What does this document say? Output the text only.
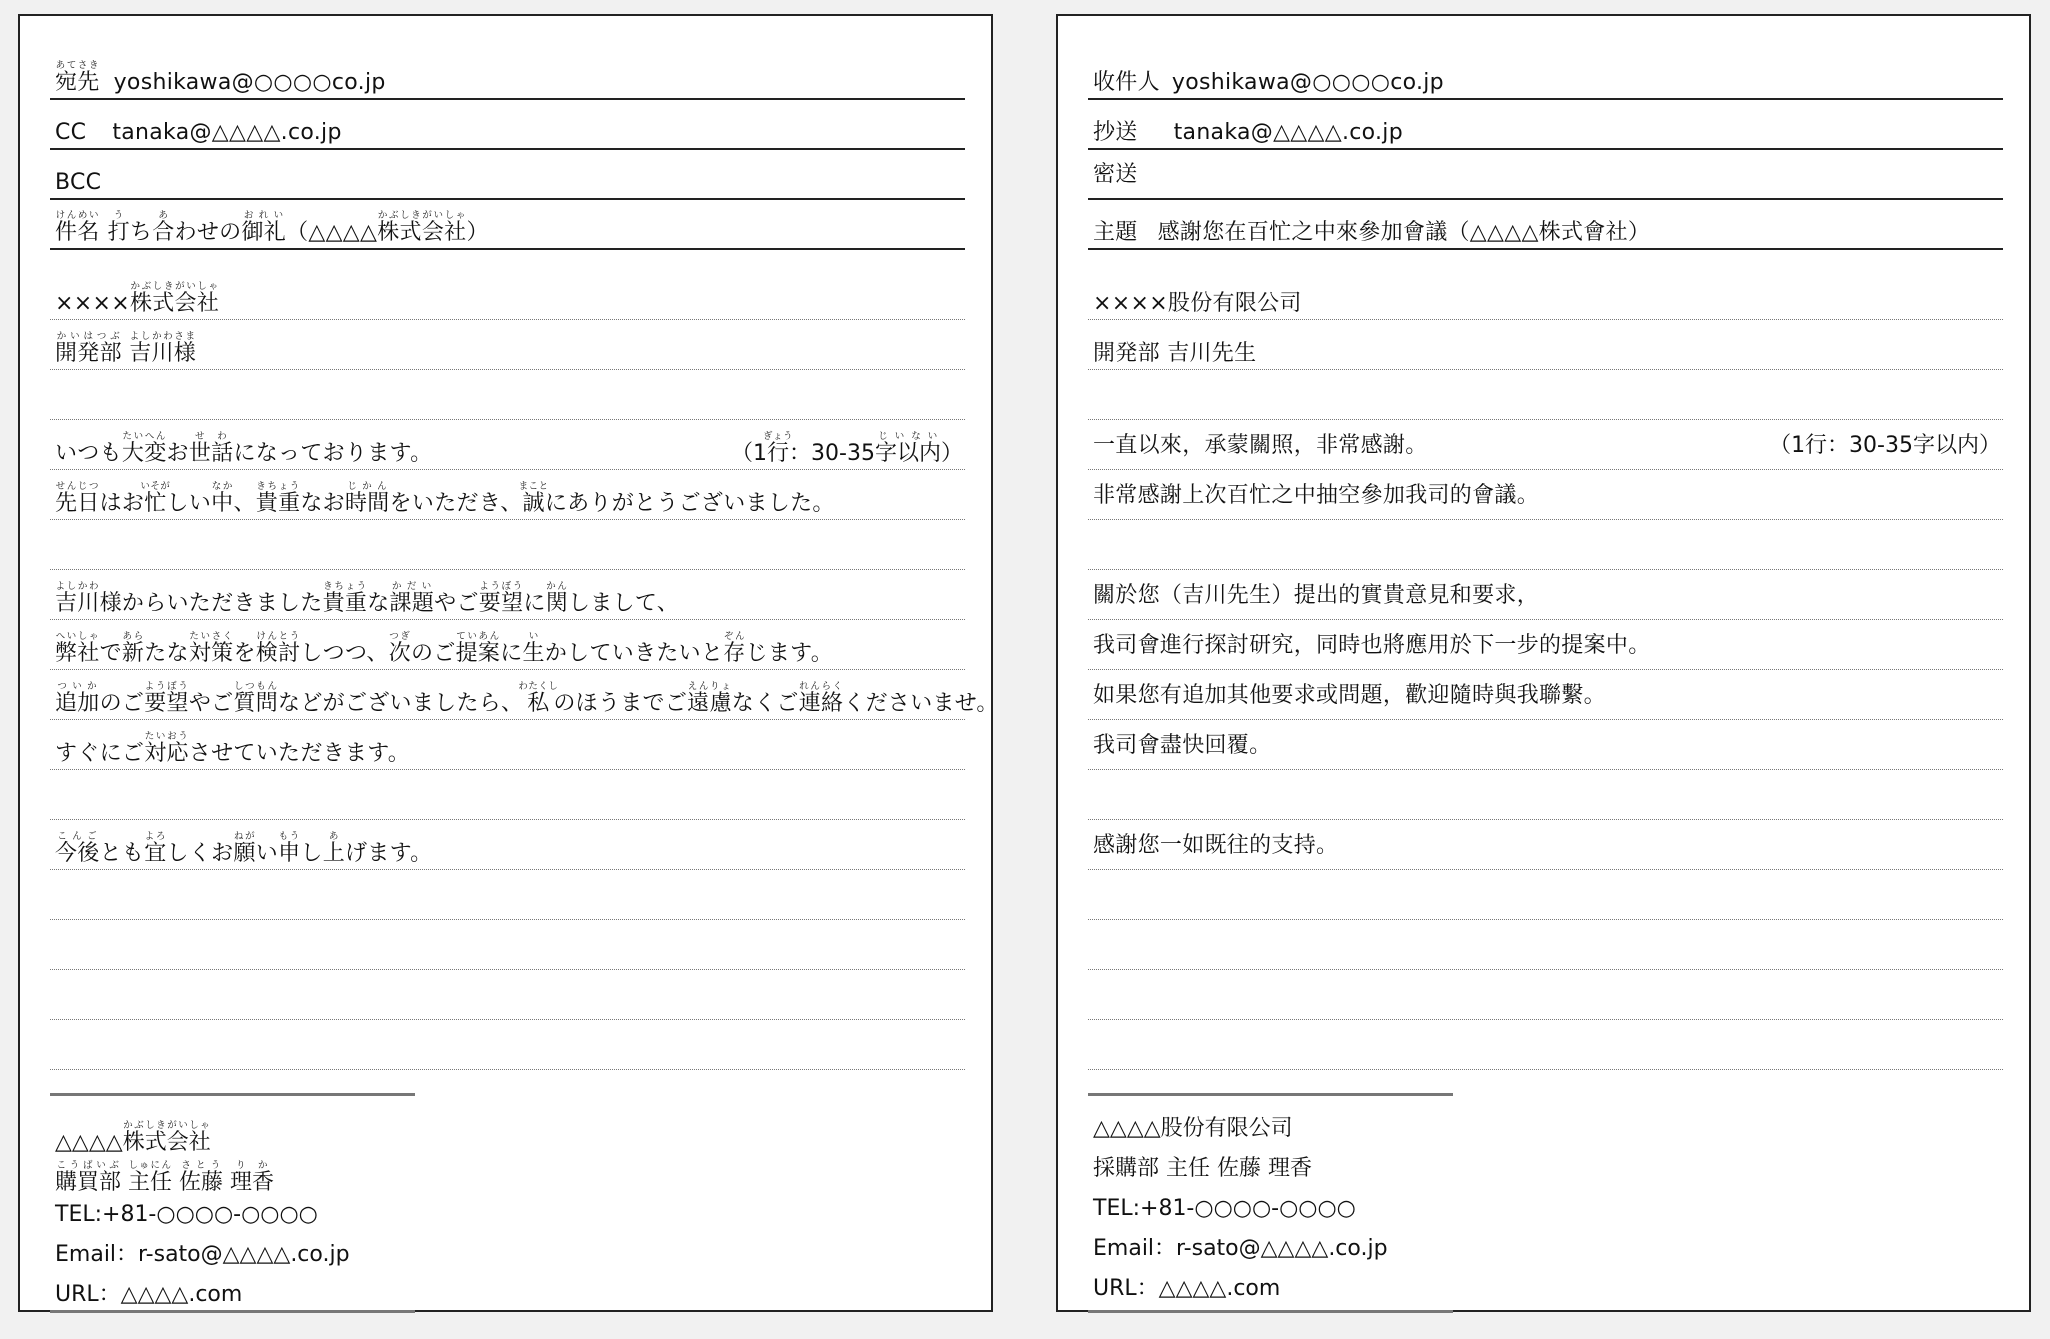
宛先あてさきyoshikawa@○○○○co.jp
CC tanaka@△△△△.co.jp
BCC
件名けんめい打うち合あわせの御礼おれい（△△△△株式会社かぶしきがいしゃ）
××××株式会社かぶしきがいしゃ
開発部かいはつぶ 吉川様よしかわさま
いつも大変たいへんお世話せわになっております。	（1行ぎょう：30-35字以内じいない）
先日せんじつはお忙いそがしい中なか、貴重きちょうなお時間じかんをいただき、誠まことにありがとうございました。
吉川よしかわ様からいただきました貴重きちょうな課題かだいやご要望ようぼうに関かんしまして、
弊社へいしゃで新あらたな対策たいさくを検討けんとうしつつ、次つぎのご提案ていあんに生いかしていきたいと存ぞんじます。
追加ついかのご要望ようぼうやご質問しつもんなどがございましたら、私わたくしのほうまでご遠慮えんりょなくご連絡れんらくくださいませ。
すぐにご対応たいおうさせていただきます。
今後こんごとも宜よろしくお願ねがい申もうし上あげます。
△△△△株式会社かぶしきがいしゃ
購買部こうばいぶ 主任しゅにん 佐藤さとう 理香りか
TEL:+81-○○○○-○○○○
Email：r-sato@△△△△.co.jp
URL：△△△△.com
收件人 yoshikawa@○○○○co.jp
抄送 tanaka@△△△△.co.jp
密送
主題 感謝您在百忙之中來參加會議（△△△△株式會社）
××××股份有限公司
開発部 吉川先生
一直以來，承蒙關照，非常感謝。	（1行：30-35字以内）
非常感謝上次百忙之中抽空參加我司的會議。
關於您（吉川先生）提出的實貴意見和要求，
我司會進行探討研究，同時也將應用於下一步的提案中。
如果您有追加其他要求或問題，歡迎隨時與我聯繫。
我司會盡快回覆。
感謝您一如既往的支持。
△△△△股份有限公司
採購部 主任 佐藤 理香
TEL:+81-○○○○-○○○○
Email：r-sato@△△△△.co.jp
URL：△△△△.com
